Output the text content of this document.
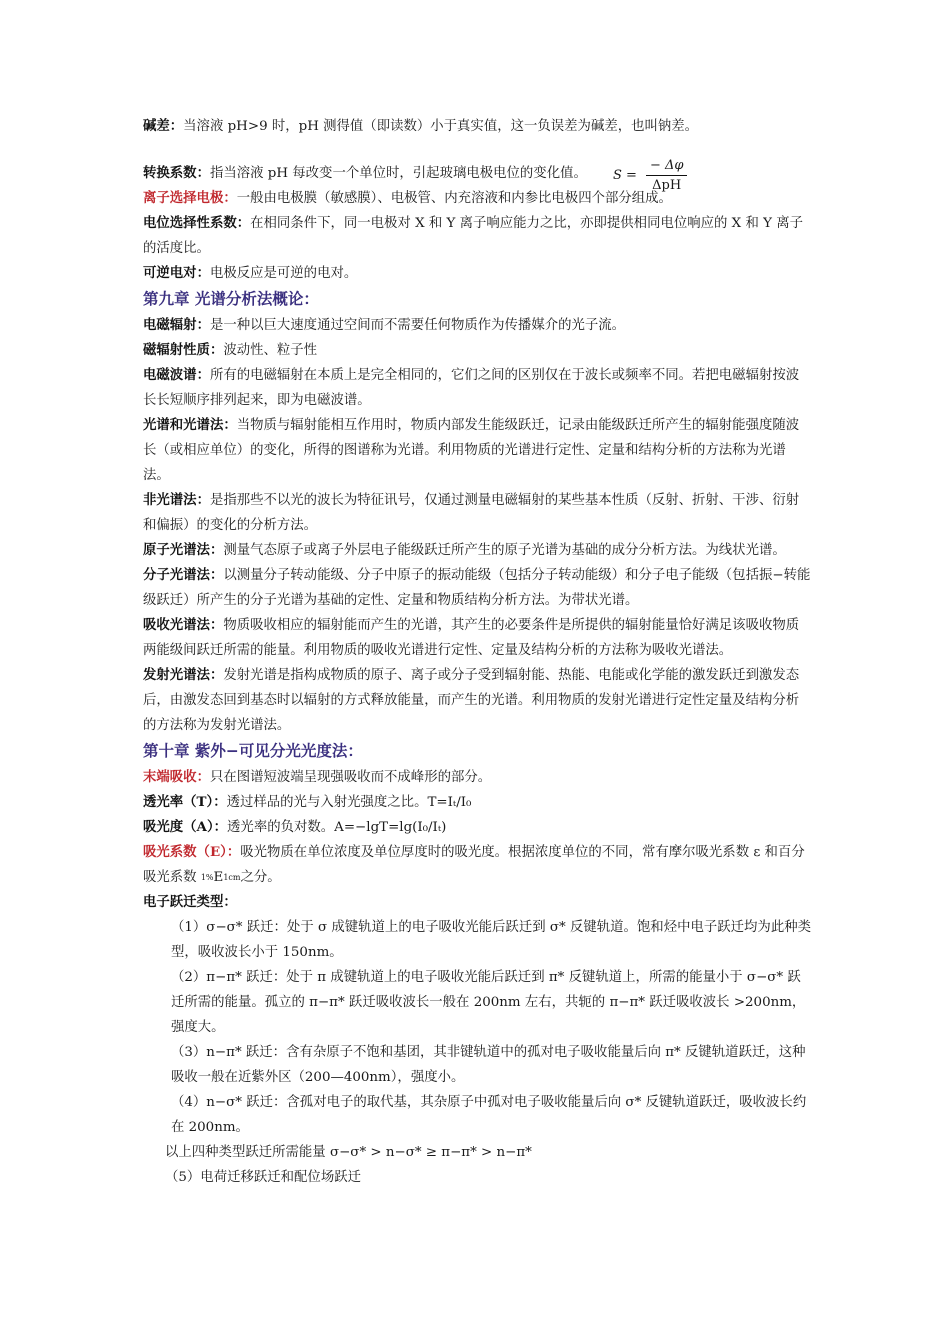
碱差：当溶液 pH>9 时，pH 测得值（即读数）小于真实值，这一负误差为碱差，也叫钠差。

$S = \frac{- \Delta\varphi}{\text{ΔpH}}$
转换系数：指当溶液 pH 每改变一个单位时，引起玻璃电极电位的变化值。

离子选择电极：一般由电极膜（敏感膜）、电极管、内充溶液和内参比电极四个部分组成。

电位选择性系数：在相同条件下，同一电极对 X 和 Y 离子响应能力之比，亦即提供相同电位响应的 X 和 Y 离子的活度比。

可逆电对：电极反应是可逆的电对。

第九章 光谱分析法概论：

电磁辐射：是一种以巨大速度通过空间而不需要任何物质作为传播媒介的光子流。

磁辐射性质：波动性、粒子性

电磁波谱：所有的电磁辐射在本质上是完全相同的，它们之间的区别仅在于波长或频率不同。若把电磁辐射按波长长短顺序排列起来，即为电磁波谱。

光谱和光谱法：当物质与辐射能相互作用时，物质内部发生能级跃迁，记录由能级跃迁所产生的辐射能强度随波长（或相应单位）的变化，所得的图谱称为光谱。利用物质的光谱进行定性、定量和结构分析的方法称为光谱法。

非光谱法：是指那些不以光的波长为特征讯号，仅通过测量电磁辐射的某些基本性质（反射、折射、干涉、衍射和偏振）的变化的分析方法。

原子光谱法：测量气态原子或离子外层电子能级跃迁所产生的原子光谱为基础的成分分析方法。为线状光谱。

分子光谱法：以测量分子转动能级、分子中原子的振动能级（包括分子转动能级）和分子电子能级（包括振−转能级跃迁）所产生的分子光谱为基础的定性、定量和物质结构分析方法。为带状光谱。

吸收光谱法：物质吸收相应的辐射能而产生的光谱，其产生的必要条件是所提供的辐射能量恰好满足该吸收物质两能级间跃迁所需的能量。利用物质的吸收光谱进行定性、定量及结构分析的方法称为吸收光谱法。

发射光谱法：发射光谱是指构成物质的原子、离子或分子受到辐射能、热能、电能或化学能的激发跃迁到激发态后，由激发态回到基态时以辐射的方式释放能量，而产生的光谱。利用物质的发射光谱进行定性定量及结构分析的方法称为发射光谱法。

第十章 紫外−可见分光光度法：

末端吸收：只在图谱短波端呈现强吸收而不成峰形的部分。

透光率（T）：透过样品的光与入射光强度之比。T=Iₜ/I₀

吸光度（A）：透光率的负对数。A=−lgT=lg(I₀/Iₜ)

吸光系数（E）：吸光物质在单位浓度及单位厚度时的吸光度。根据浓度单位的不同，常有摩尔吸光系数 ε 和百分吸光系数 1% E 1cm 之分。

电子跃迁类型：

（1）σ−σ* 跃迁：处于 σ 成键轨道上的电子吸收光能后跃迁到 σ* 反键轨道。饱和烃中电子跃迁均为此种类型，吸收波长小于 150nm。

（2）π−π* 跃迁：处于 π 成键轨道上的电子吸收光能后跃迁到 π* 反键轨道上，所需的能量小于 σ−σ* 跃迁所需的能量。孤立的 π−π* 跃迁吸收波长一般在 200nm 左右，共轭的 π−π* 跃迁吸收波长 >200nm，强度大。

（3）n−π* 跃迁：含有杂原子不饱和基团，其非键轨道中的孤对电子吸收能量后向 π* 反键轨道跃迁，这种吸收一般在近紫外区（200—400nm），强度小。

（4）n−σ* 跃迁：含孤对电子的取代基，其杂原子中孤对电子吸收能量后向 σ* 反键轨道跃迁，吸收波长约在 200nm。

以上四种类型跃迁所需能量 σ−σ* > n−σ* ≥ π−π* > n−π*

（5）电荷迁移跃迁和配位场跃迁
